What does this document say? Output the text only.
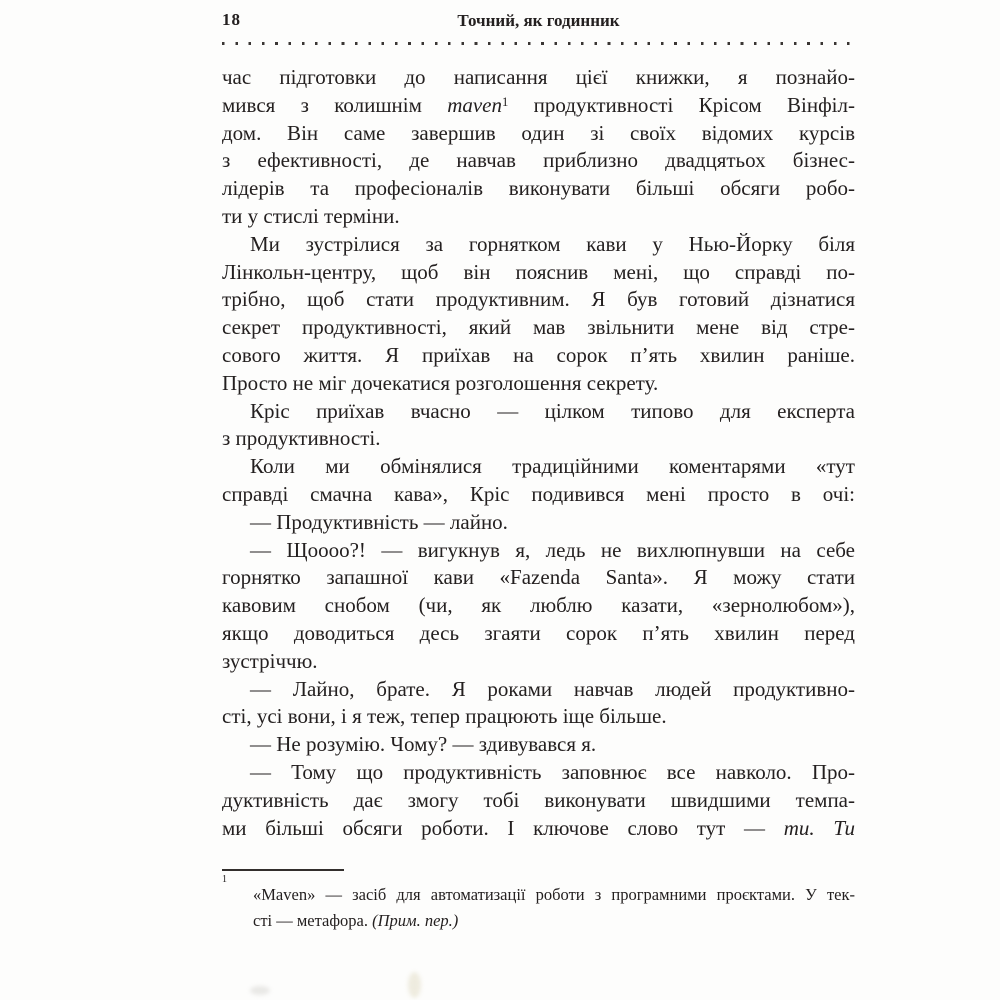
18	Точний, як годинник
час підготовки до написання цієї книжки, я познайо-
мився з колишнім maven$^1$ продуктивності Крісом Вінфіл-
дом. Він саме завершив один зі своїх відомих курсів
з ефективності, де навчав приблизно двадцятьох бізнес-
лідерів та професіоналів виконувати більші обсяги робо-
ти у стислі терміни.
Ми зустрілися за горнятком кави у Нью-Йорку біля
Лінкольн-центру, щоб він пояснив мені, що справді по-
трібно, щоб стати продуктивним. Я був готовий дізнатися
секрет продуктивності, який мав звільнити мене від стре-
сового життя. Я приїхав на сорок п’ять хвилин раніше.
Просто не міг дочекатися розголошення секрету.
Кріс приїхав вчасно — цілком типово для експерта
з продуктивності.
Коли ми обмінялися традиційними коментарями «тут
справді смачна кава», Кріс подивився мені просто в очі:
— Продуктивність — лайно.
— Щоооо?! — вигукнув я, ледь не вихлюпнувши на себе
горнятко запашної кави «Fazenda Santa». Я можу стати
кавовим снобом (чи, як люблю казати, «зернолюбом»),
якщо доводиться десь згаяти сорок п’ять хвилин перед
зустріччю.
— Лайно, брате. Я роками навчав людей продуктивно-
сті, усі вони, і я теж, тепер працюють іще більше.
— Не розумію. Чому? — здивувався я.
— Тому що продуктивність заповнює все навколо. Про-
дуктивність дає змогу тобі виконувати швидшими темпа-
ми більші обсяги роботи. І ключове слово тут — ти. Ти
1
«Maven» — засіб для автоматизації роботи з програмними проєктами. У тек-
сті — метафора. (Прим. пер.)
